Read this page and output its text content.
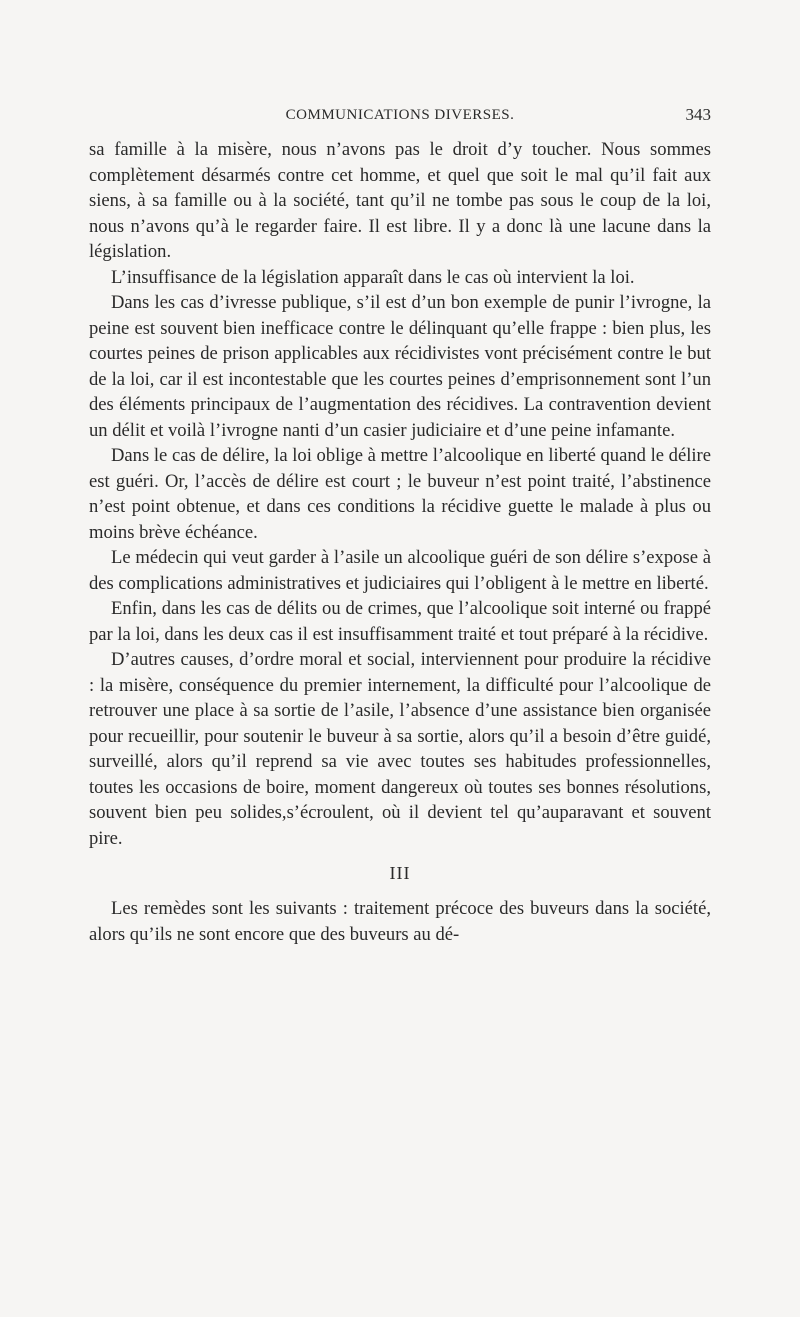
COMMUNICATIONS DIVERSES.	343

sa famille à la misère, nous n’avons pas le droit d’y toucher. Nous sommes complètement désarmés contre cet homme, et quel que soit le mal qu’il fait aux siens, à sa famille ou à la société, tant qu’il ne tombe pas sous le coup de la loi, nous n’avons qu’à le regarder faire. Il est libre. Il y a donc là une lacune dans la législation.

L’insuffisance de la législation apparaît dans le cas où intervient la loi.

Dans les cas d’ivresse publique, s’il est d’un bon exemple de punir l’ivrogne, la peine est souvent bien inefficace contre le délinquant qu’elle frappe : bien plus, les courtes peines de prison applicables aux récidivistes vont précisément contre le but de la loi, car il est incontestable que les courtes peines d’emprisonnement sont l’un des éléments principaux de l’augmentation des récidives. La contravention devient un délit et voilà l’ivrogne nanti d’un casier judiciaire et d’une peine infamante.

Dans le cas de délire, la loi oblige à mettre l’alcoolique en liberté quand le délire est guéri. Or, l’accès de délire est court ; le buveur n’est point traité, l’abstinence n’est point obtenue, et dans ces conditions la récidive guette le malade à plus ou moins brève échéance.

Le médecin qui veut garder à l’asile un alcoolique guéri de son délire s’expose à des complications administratives et judiciaires qui l’obligent à le mettre en liberté.

Enfin, dans les cas de délits ou de crimes, que l’alcoolique soit interné ou frappé par la loi, dans les deux cas il est insuffisamment traité et tout préparé à la récidive.

D’autres causes, d’ordre moral et social, interviennent pour produire la récidive : la misère, conséquence du premier internement, la difficulté pour l’alcoolique de retrouver une place à sa sortie de l’asile, l’absence d’une assistance bien organisée pour recueillir, pour soutenir le buveur à sa sortie, alors qu’il a besoin d’être guidé, surveillé, alors qu’il reprend sa vie avec toutes ses habitudes professionnelles, toutes les occasions de boire, moment dangereux où toutes ses bonnes résolutions, souvent bien peu solides,s’écroulent, où il devient tel qu’auparavant et souvent pire.

III

Les remèdes sont les suivants : traitement précoce des buveurs dans la société, alors qu’ils ne sont encore que des buveurs au dé-
